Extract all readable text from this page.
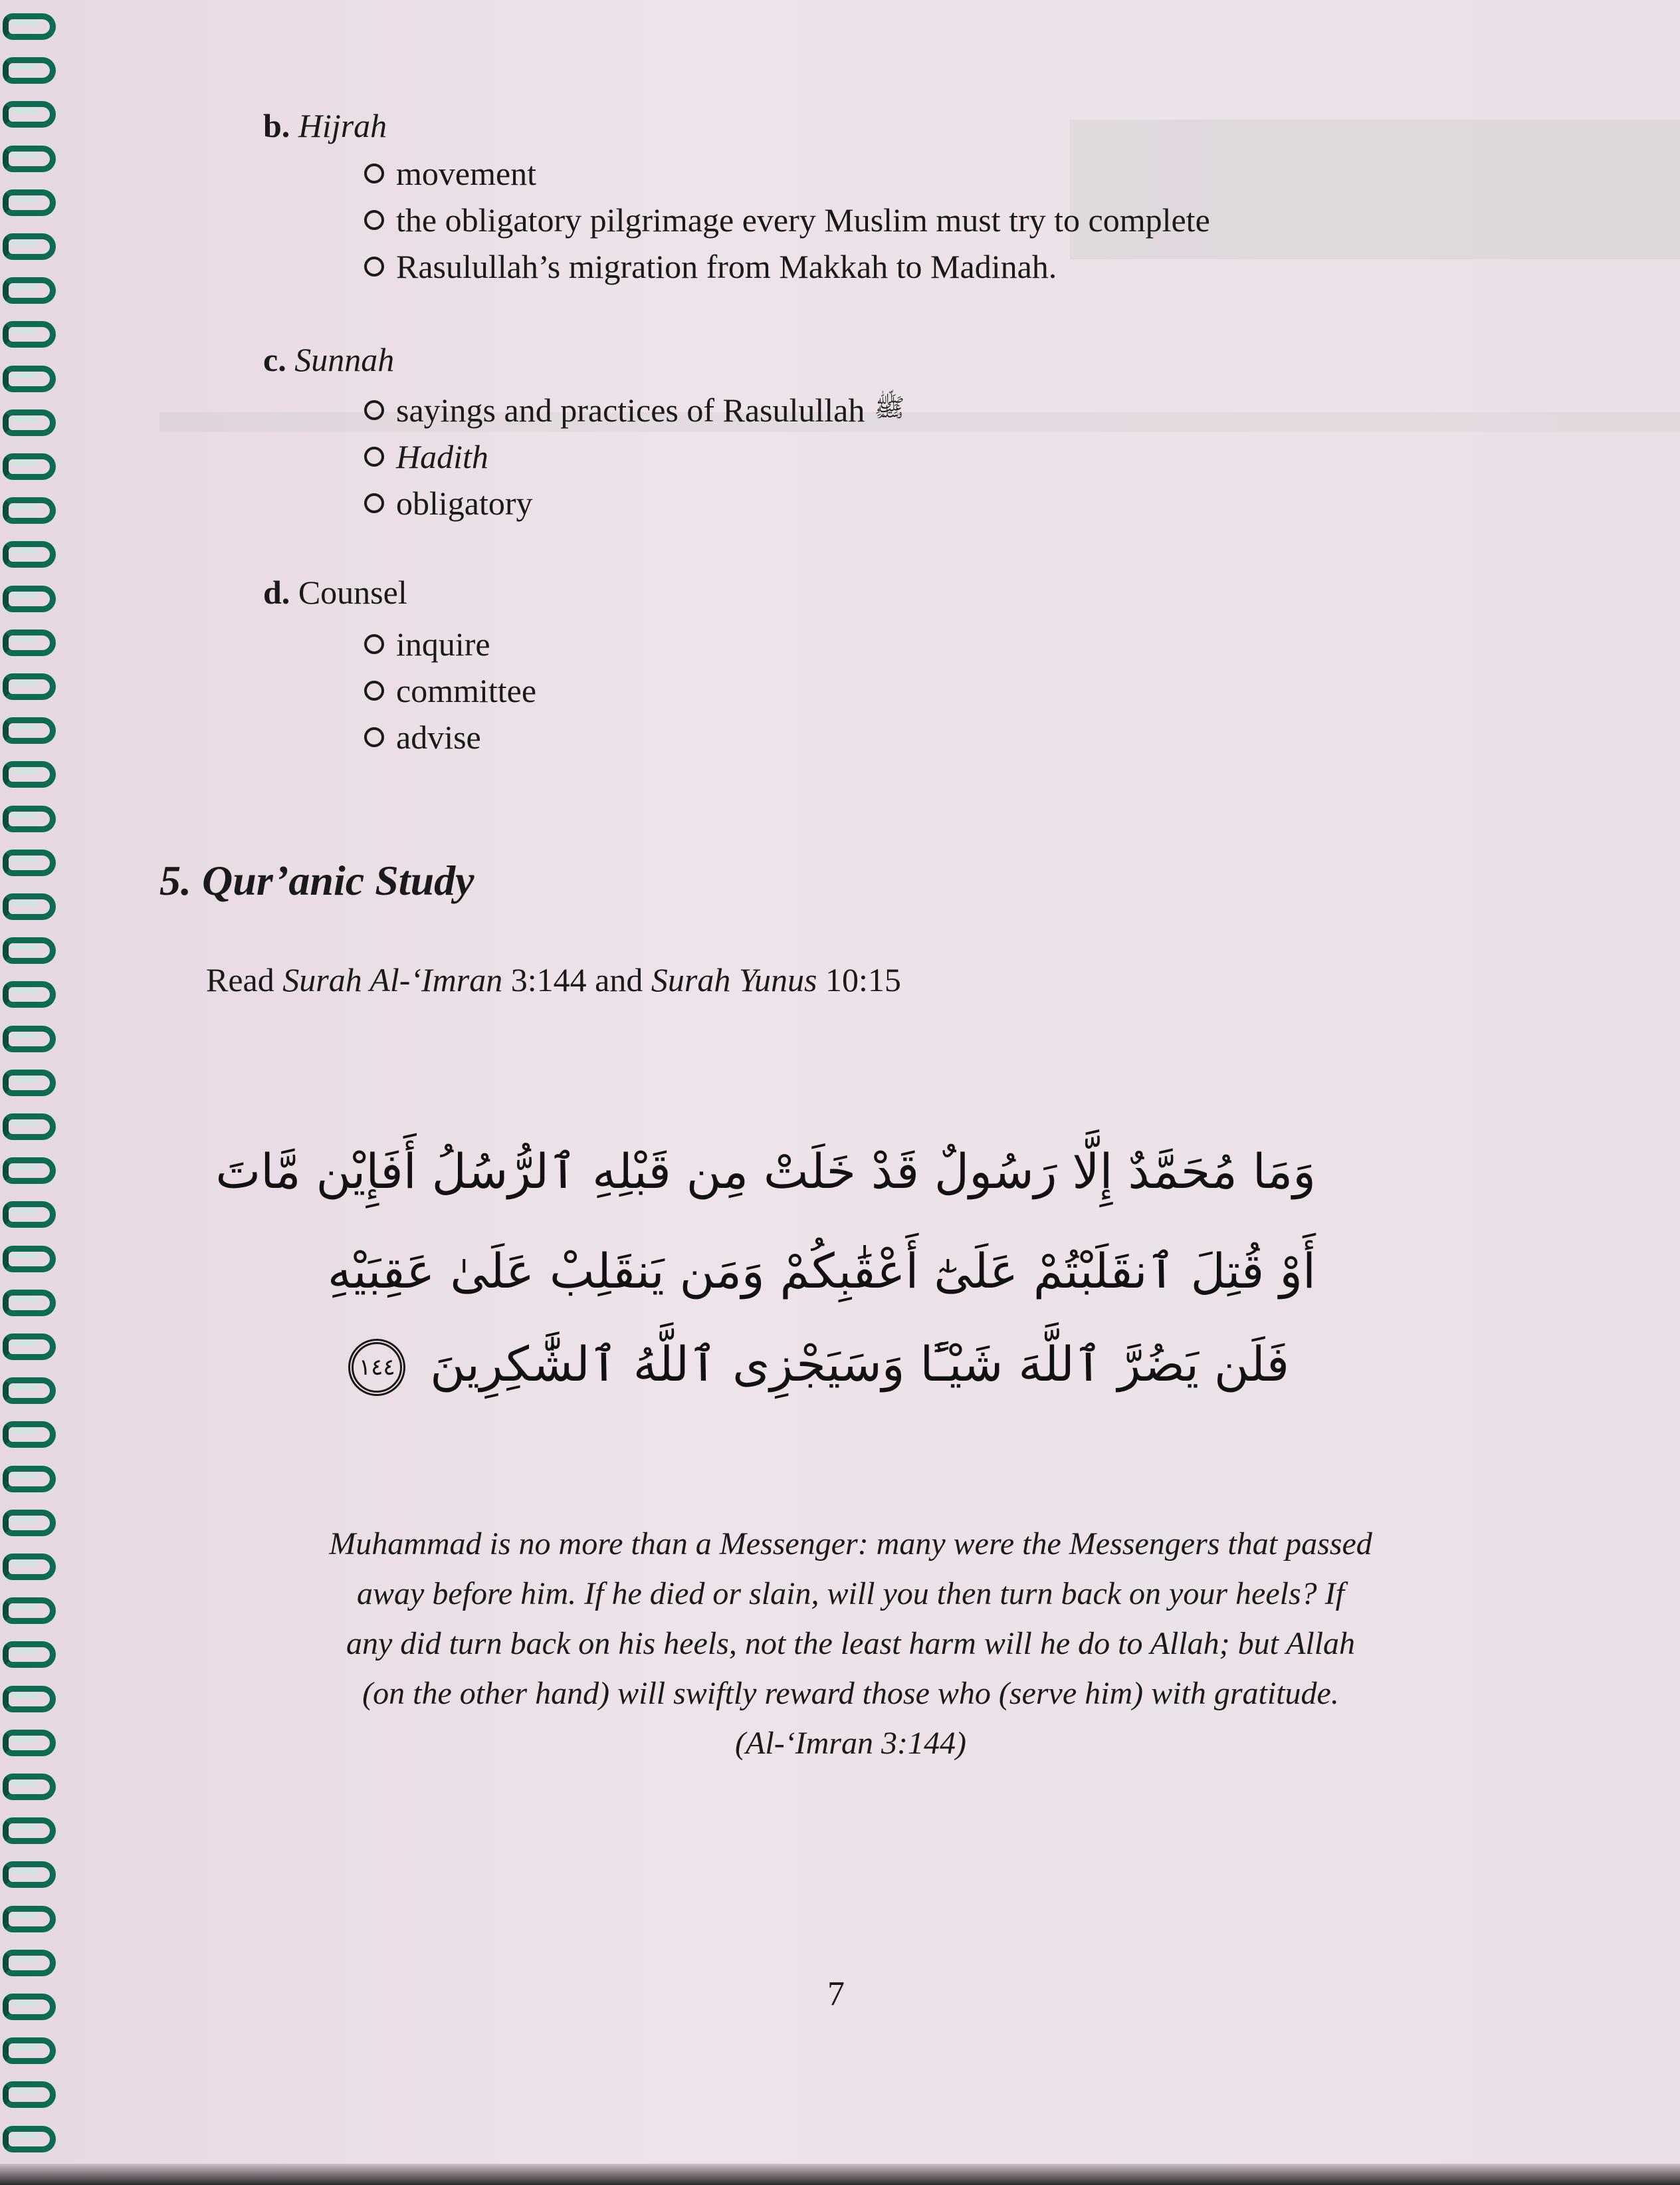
b. Hijrah
movement
the obligatory pilgrimage every Muslim must try to complete
Rasulullah’s migration from Makkah to Madinah.
c. Sunnah
sayings and practices of Rasulullah ﷺ
Hadith
obligatory
d. Counsel
inquire
committee
advise
5. Qur’anic Study
Read Surah Al-‘Imran 3:144 and Surah Yunus 10:15
وَمَا مُحَمَّدٌ إِلَّا رَسُولٌ قَدْ خَلَتْ مِن قَبْلِهِ ٱلرُّسُلُ أَفَإِيْن مَّاتَ
أَوْ قُتِلَ ٱنقَلَبْتُمْ عَلَىٰٓ أَعْقَٰبِكُمْ وَمَن يَنقَلِبْ عَلَىٰ عَقِبَيْهِ
فَلَن يَضُرَّ ٱللَّهَ شَيْـًٔا وَسَيَجْزِى ٱللَّهُ ٱلشَّٰكِرِينَ ١٤٤
Muhammad is no more than a Messenger: many were the Messengers that passed
away before him. If he died or slain, will you then turn back on your heels? If
any did turn back on his heels, not the least harm will he do to Allah; but Allah
(on the other hand) will swiftly reward those who (serve him) with gratitude.
(Al-‘Imran 3:144)
7
